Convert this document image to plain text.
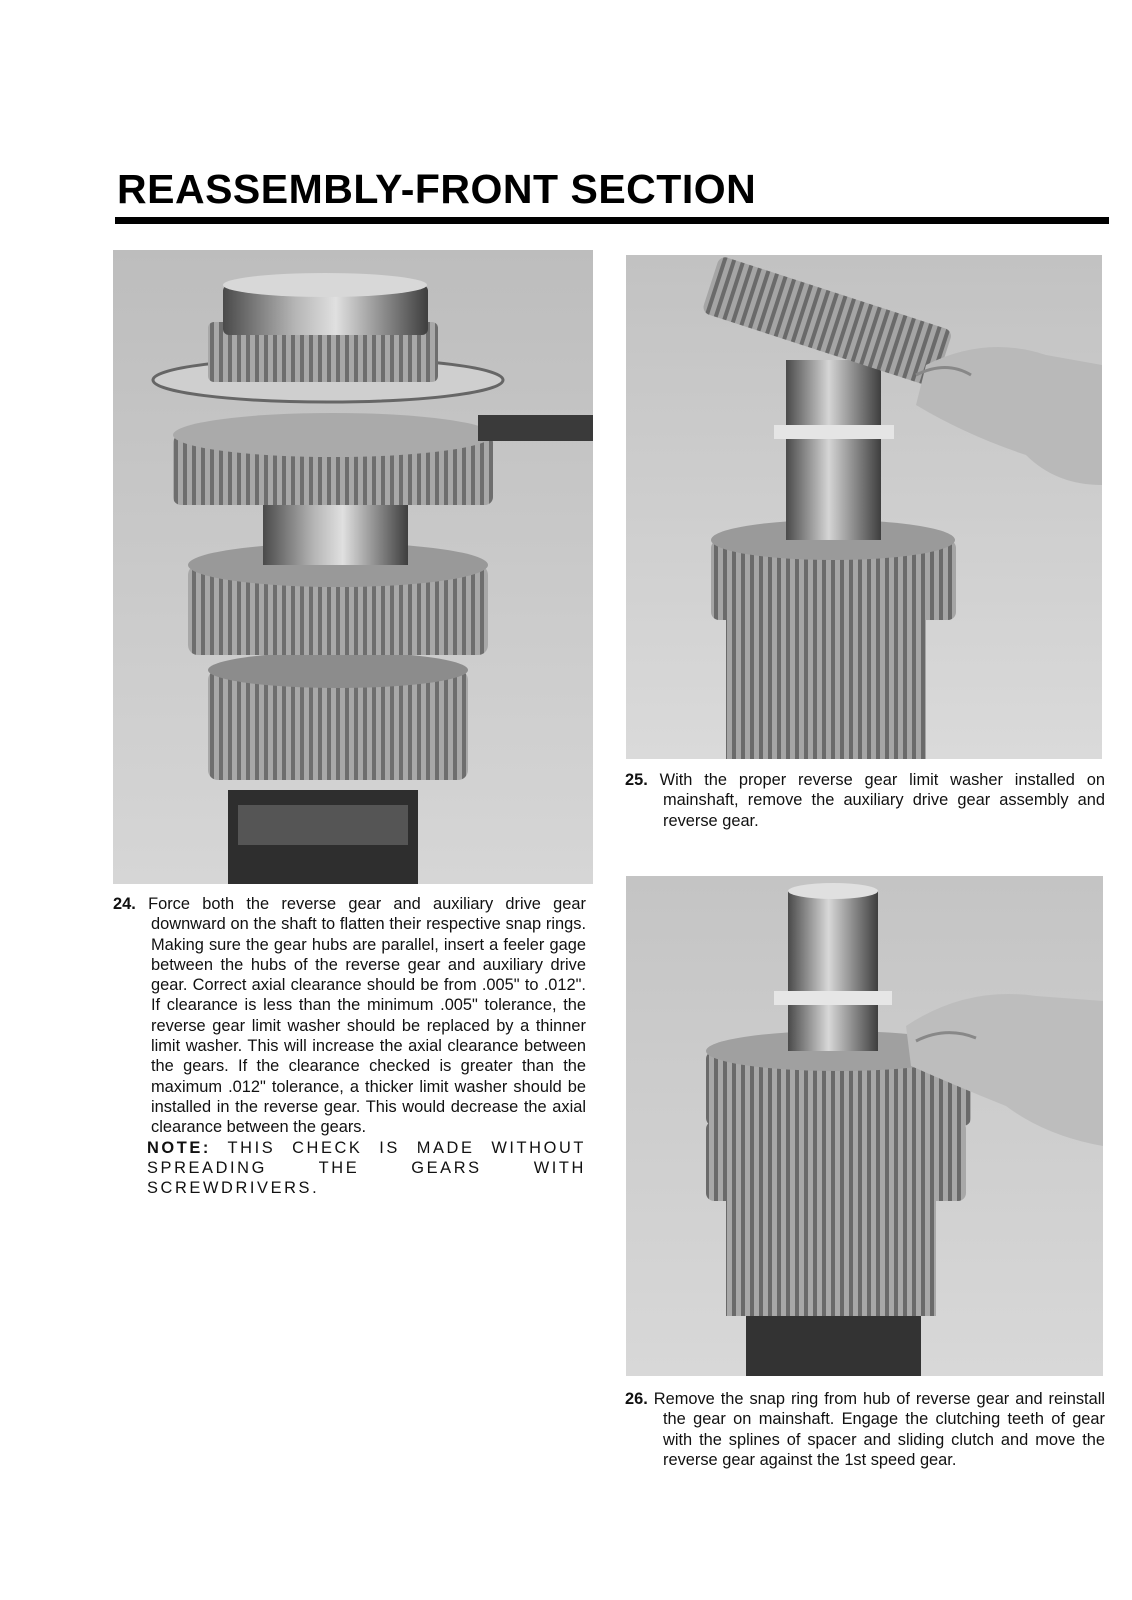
REASSEMBLY-FRONT SECTION

24. Force both the reverse gear and auxiliary drive gear downward on the shaft to flatten their respective snap rings. Making sure the gear hubs are parallel, insert a feeler gage between the hubs of the reverse gear and auxiliary drive gear. Correct axial clearance should be from .005" to .012". If clearance is less than the minimum .005" tolerance, the reverse gear limit washer should be replaced by a thinner limit washer. This will increase the axial clearance between the gears. If the clearance checked is greater than the maximum .012" tolerance, a thicker limit washer should be installed in the reverse gear. This would decrease the axial clearance between the gears.

NOTE: THIS CHECK IS MADE WITHOUT SPREADING THE GEARS WITH SCREWDRIVERS.

25. With the proper reverse gear limit washer installed on mainshaft, remove the auxiliary drive gear assembly and reverse gear.

26. Remove the snap ring from hub of reverse gear and reinstall the gear on mainshaft. Engage the clutching teeth of gear with the splines of spacer and sliding clutch and move the reverse gear against the 1st speed gear.
